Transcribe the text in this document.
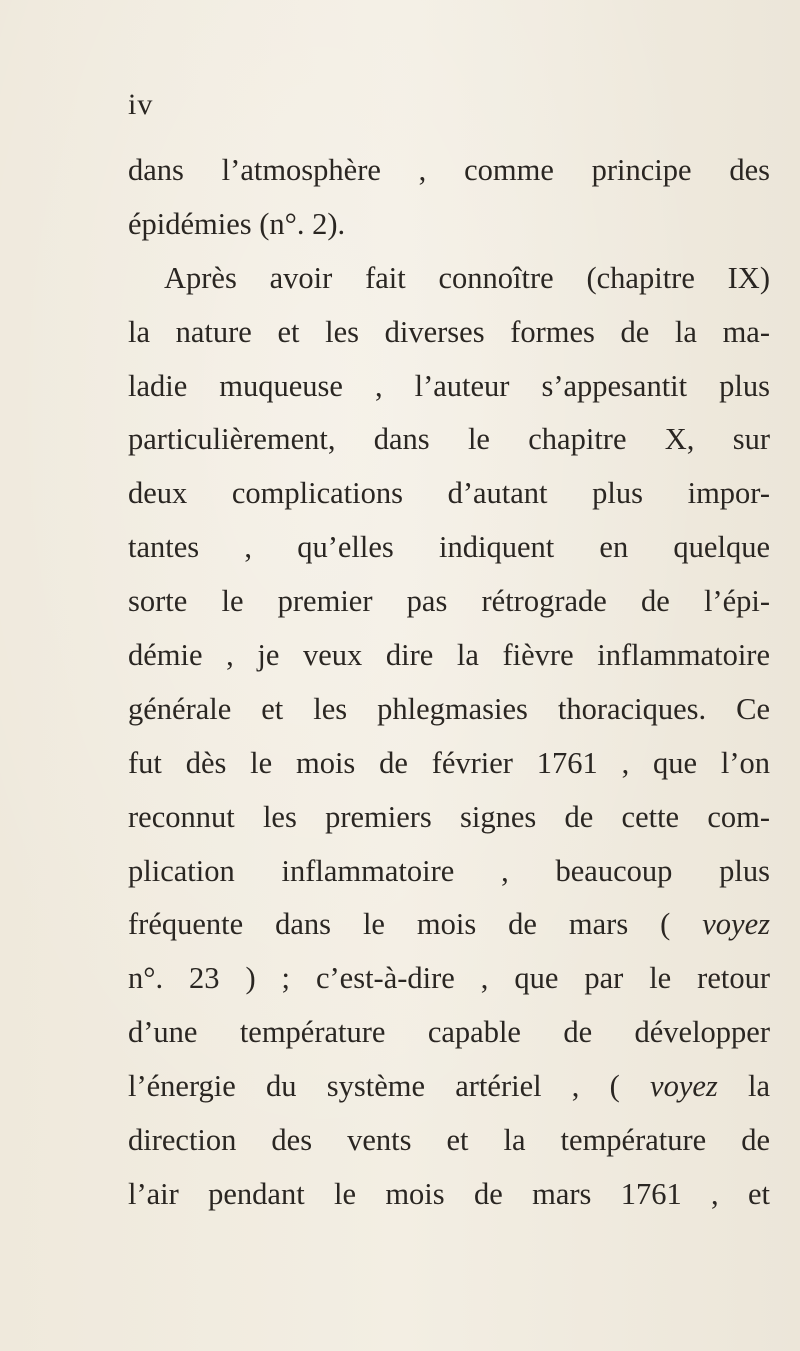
iv
dans l’atmosphère , comme principe des
épidémies (n°. 2).
Après avoir fait connoître (chapitre IX)
la nature et les diverses formes de la ma-
ladie muqueuse , l’auteur s’appesantit plus
particulièrement, dans le chapitre X, sur
deux complications d’autant plus impor-
tantes , qu’elles indiquent en quelque
sorte le premier pas rétrograde de l’épi-
démie , je veux dire la fièvre inflammatoire
générale et les phlegmasies thoraciques. Ce
fut dès le mois de février 1761 , que l’on
reconnut les premiers signes de cette com-
plication inflammatoire , beaucoup plus
fréquente dans le mois de mars ( voyez
n°. 23 ) ; c’est-à-dire , que par le retour
d’une température capable de développer
l’énergie du système artériel , ( voyez la
direction des vents et la température de
l’air pendant le mois de mars 1761 , et
